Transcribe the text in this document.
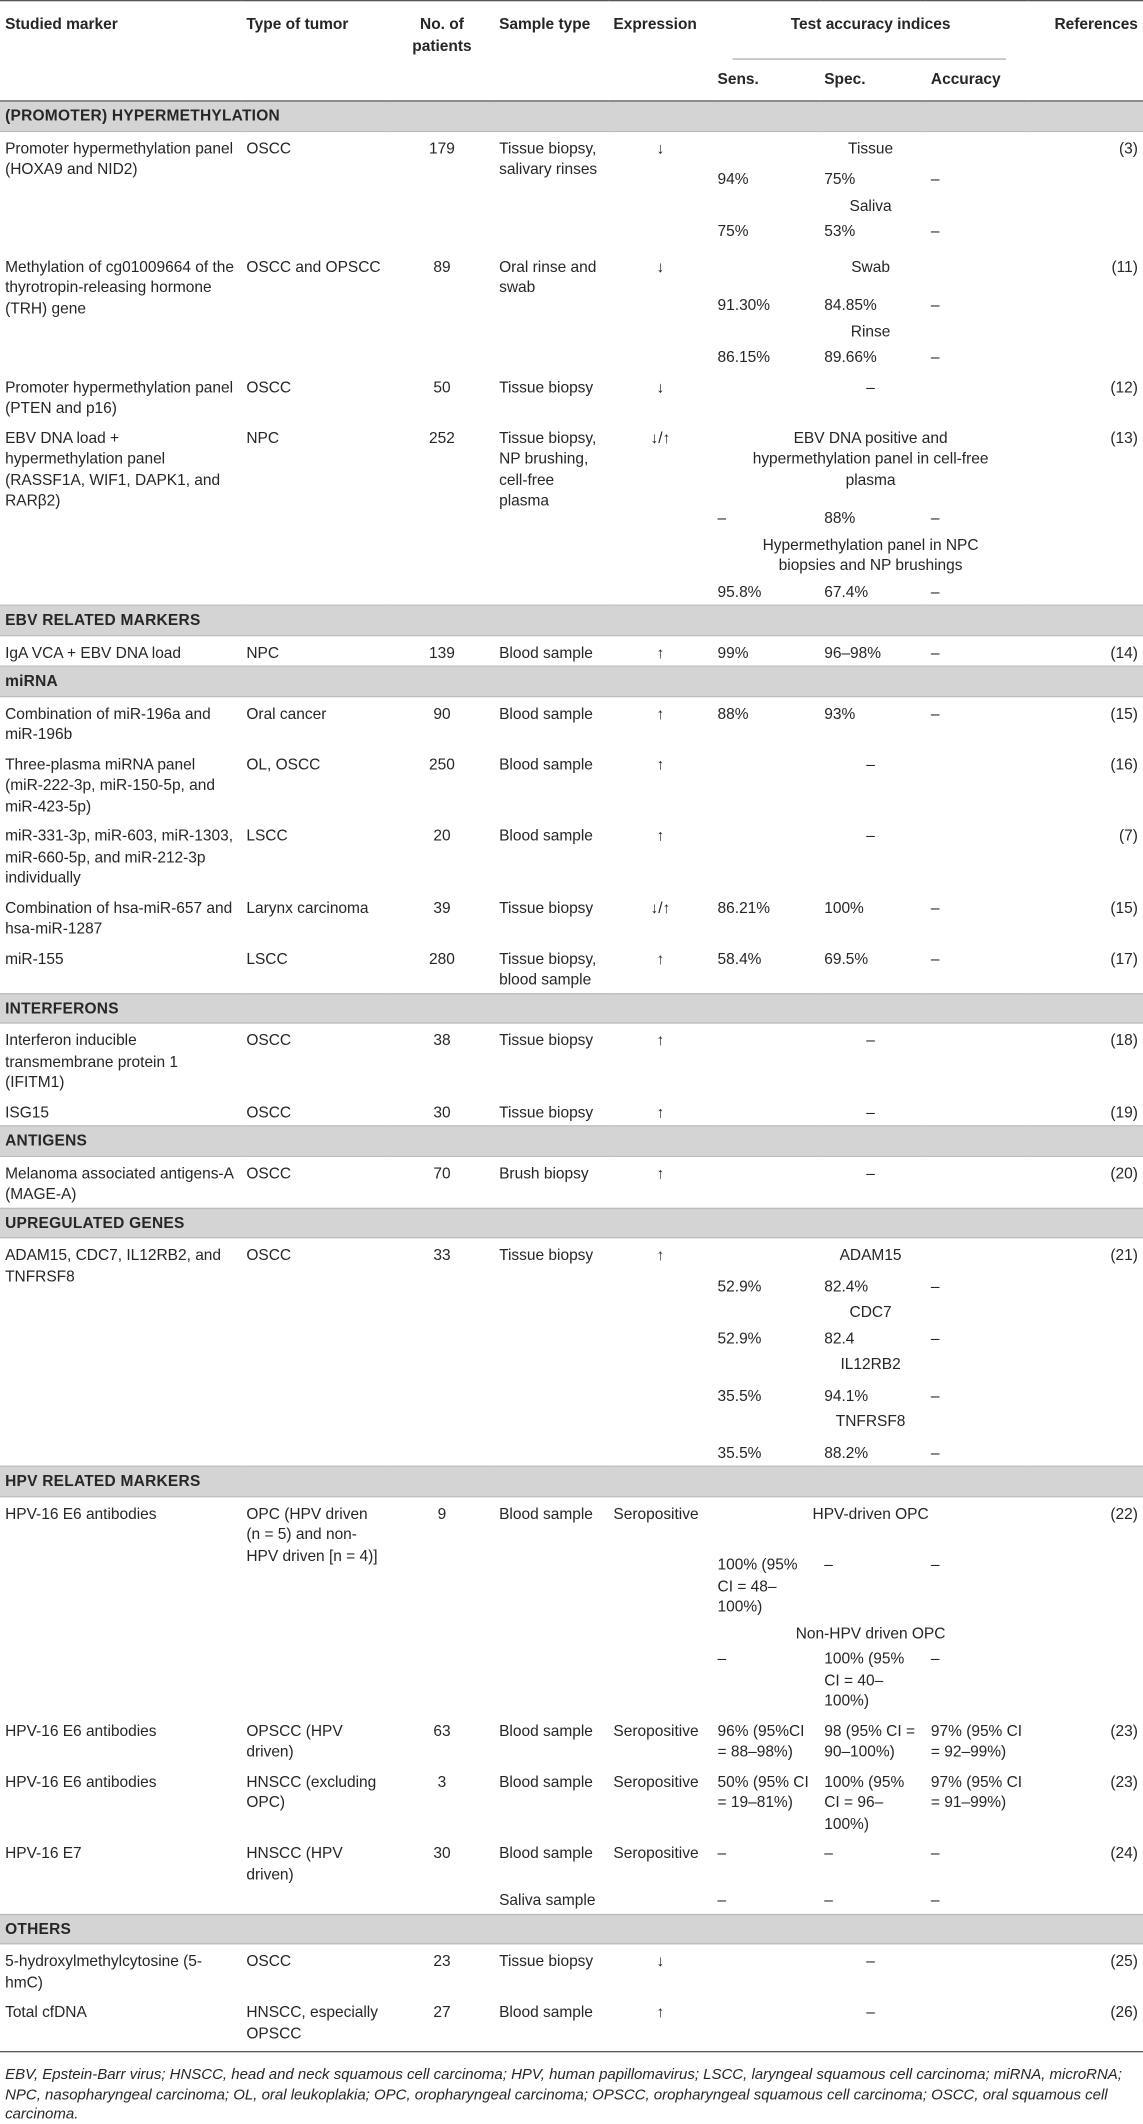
Studied marker	Type of tumor	No. of patients	Sample type	Expression	Test accuracy indices			References
					Sens.	Spec.	Accuracy	
(PROMOTER) HYPERMETHYLATION								
Promoter hypermethylation panel (HOXA9 and NID2)	OSCC	179	Tissue biopsy, salivary rinses	↓	Tissue			(3)
					94%	75%	–	
					Saliva			
					75%	53%	–	

Methylation of cg01009664 of the thyrotropin-releasing hormone (TRH) gene	OSCC and OPSCC	89	Oral rinse and swab	↓	Swab			(11)
					91.30%	84.85%	–	
					Rinse			
					86.15%	89.66%	–	
Promoter hypermethylation panel (PTEN and p16)	OSCC	50	Tissue biopsy	↓	–			(12)
EBV DNA load + hypermethylation panel (RASSF1A, WIF1, DAPK1, and RARβ2)	NPC	252	Tissue biopsy, NP brushing, cell-free plasma	↓/↑	EBV DNA positive and hypermethylation panel in cell-free plasma			(13)
					–	88%	–	
					Hypermethylation panel in NPC biopsies and NP brushings			
					95.8%	67.4%	–	
EBV RELATED MARKERS								
IgA VCA + EBV DNA load	NPC	139	Blood sample	↑	99%	96–98%	–	(14)
miRNA								
Combination of miR-196a and miR-196b	Oral cancer	90	Blood sample	↑	88%	93%	–	(15)
Three-plasma miRNA panel (miR-222-3p, miR-150-5p, and miR-423-5p)	OL, OSCC	250	Blood sample	↑	–			(16)
miR-331-3p, miR-603, miR-1303, miR-660-5p, and miR-212-3p individually	LSCC	20	Blood sample	↑	–			(7)
Combination of hsa-miR-657 and hsa-miR-1287	Larynx carcinoma	39	Tissue biopsy	↓/↑	86.21%	100%	–	(15)
miR-155	LSCC	280	Tissue biopsy, blood sample	↑	58.4%	69.5%	–	(17)
INTERFERONS								
Interferon inducible transmembrane protein 1 (IFITM1)	OSCC	38	Tissue biopsy	↑	–			(18)
ISG15	OSCC	30	Tissue biopsy	↑	–			(19)
ANTIGENS								
Melanoma associated antigens-A (MAGE-A)	OSCC	70	Brush biopsy	↑	–			(20)
UPREGULATED GENES								
ADAM15, CDC7, IL12RB2, and TNFRSF8	OSCC	33	Tissue biopsy	↑	ADAM15			(21)
					52.9%	82.4%	–	
					CDC7			
					52.9%	82.4	–	
					IL12RB2			
					35.5%	94.1%	–	
					TNFRSF8			
					35.5%	88.2%	–	
HPV RELATED MARKERS								
HPV-16 E6 antibodies	OPC (HPV driven (n = 5) and non-HPV driven [n = 4)]	9	Blood sample	Seropositive	HPV-driven OPC			(22)
					100% (95% CI = 48–100%)	–	–	
					Non-HPV driven OPC			
					–	100% (95% CI = 40–100%)	–	
HPV-16 E6 antibodies	OPSCC (HPV driven)	63	Blood sample	Seropositive	96% (95%CI = 88–98%)	98 (95% CI = 90–100%)	97% (95% CI = 92–99%)	(23)
HPV-16 E6 antibodies	HNSCC (excluding OPC)	3	Blood sample	Seropositive	50% (95% CI = 19–81%)	100% (95% CI = 96–100%)	97% (95% CI = 91–99%)	(23)
HPV-16 E7	HNSCC (HPV driven)	30	Blood sample	Seropositive	–	–	–	(24)
			Saliva sample		–	–	–	
OTHERS								
5-hydroxylmethylcytosine (5-hmC)	OSCC	23	Tissue biopsy	↓	–			(25)
Total cfDNA	HNSCC, especially OPSCC	27	Blood sample	↑	–			(26)
EBV, Epstein-Barr virus; HNSCC, head and neck squamous cell carcinoma; HPV, human papillomavirus; LSCC, laryngeal squamous cell carcinoma; miRNA, microRNA; NPC, nasopharyngeal carcinoma; OL, oral leukoplakia; OPC, oropharyngeal carcinoma; OPSCC, oropharyngeal squamous cell carcinoma; OSCC, oral squamous cell carcinoma.
